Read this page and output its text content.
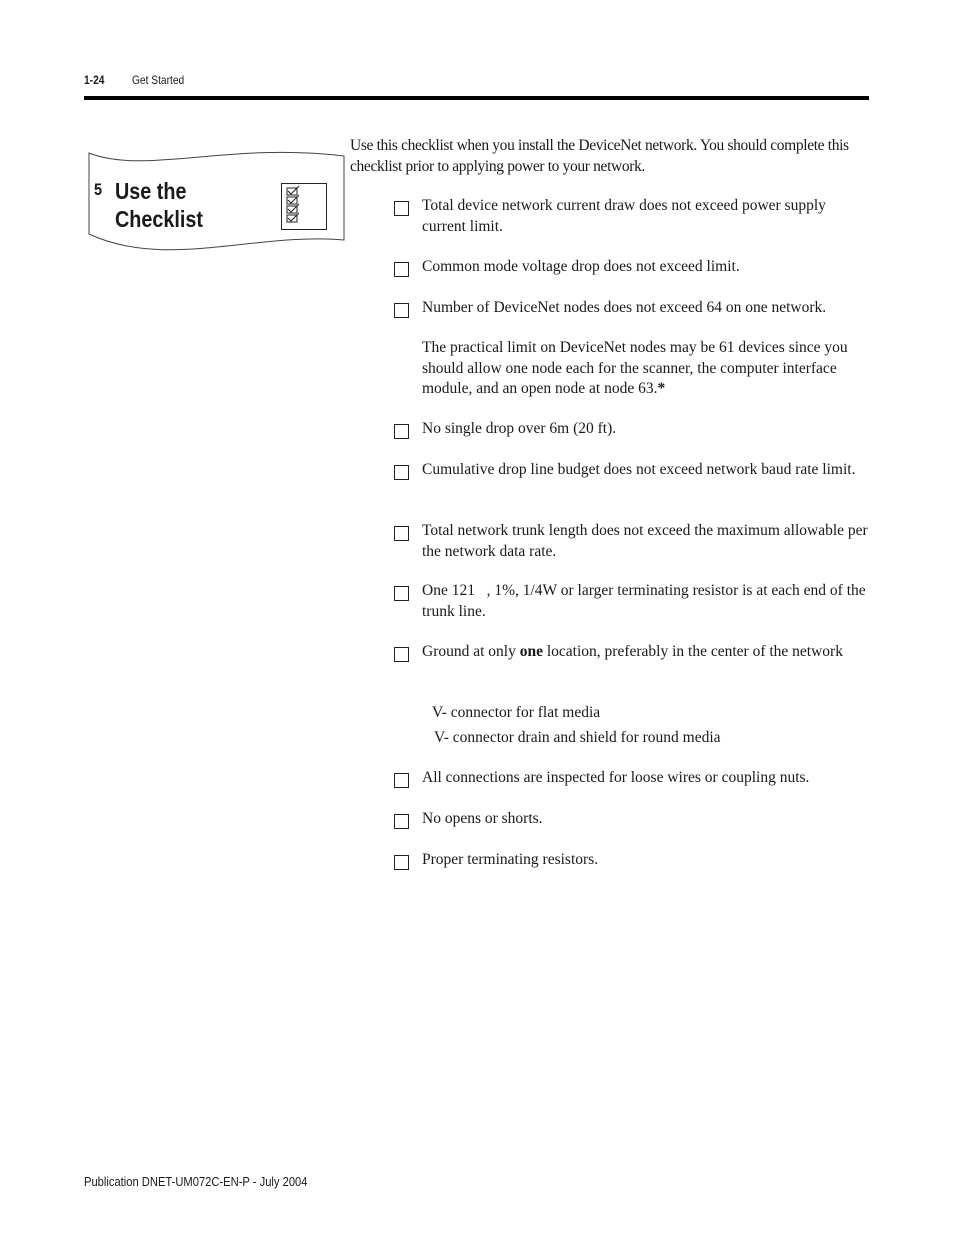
1-24 Get Started
5 Use the
Checklist
Use this checklist when you install the DeviceNet network. You should complete this checklist prior to applying power to your network.
Total device network current draw does not exceed power supply current limit.
Common mode voltage drop does not exceed limit.
Number of DeviceNet nodes does not exceed 64 on one network.
The practical limit on DeviceNet nodes may be 61 devices since you should allow one node each for the scanner, the computer interface module, and an open node at node 63.*
No single drop over 6m (20 ft).
Cumulative drop line budget does not exceed network baud rate limit.
Total network trunk length does not exceed the maximum allowable per the network data rate.
One 121   , 1%, 1/4W or larger terminating resistor is at each end of the trunk line.
Ground at only one location, preferably in the center of the network
V- connector for flat media
V- connector drain and shield for round media
All connections are inspected for loose wires or coupling nuts.
No opens or shorts.
Proper terminating resistors.
Publication DNET-UM072C-EN-P - July 2004
